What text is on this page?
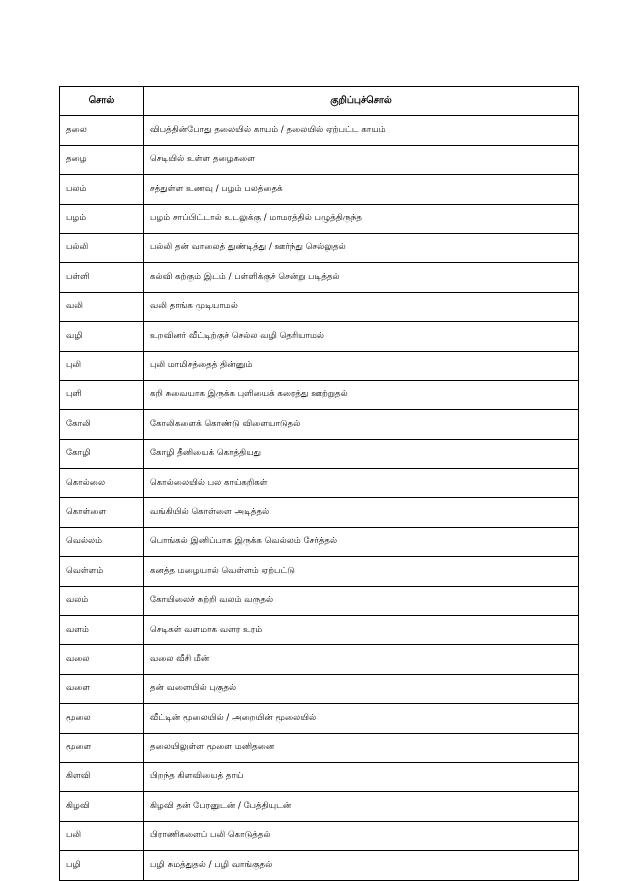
சொல்	குறிப்புச்சொல்
தலை	விபத்தின்போது தலையில் காயம் / தலையில் ஏற்பட்ட காயம்
தழை	செடியில் உள்ள தழைகளை
பலம்	சத்துள்ள உணவு / பழம் பலத்தைக்
பழம்	பழம் சாப்பிட்டால் உடலுக்கு / மாமரத்தில் பழுத்திருந்த
பல்லி	பல்லி தன் வாலைத் துண்டித்து / ஊர்ந்து செல்லுதல்
பள்ளி	கல்வி கற்கும் இடம் / பள்ளிக்குச் சென்று படித்தல்
வலி	வலி தாங்க முடியாமல்
வழி	உறவினர் வீட்டிற்குச் செல்ல வழி தெரியாமல்
புலி	புலி மாமிசத்தைத் தின்னும்
புளி	கறி சுவையாக இருக்க புளியைக் கரைத்து ஊற்றுதல்
கோலி	கோலிகளைக் கொண்டு விளையாடுதல்
கோழி	கோழி தீனியைக் கொத்தியது
கொல்லை	கொல்லையில் பல காய்கறிகள்
கொள்ளை	வங்கியில் கொள்ளை அடித்தல்
வெல்லம்	பொங்கல் இனிப்பாக இருக்க வெல்லம் சேர்த்தல்
வெள்ளம்	கனத்த மழையால் வெள்ளம் ஏற்பட்டு
வலம்	கோயிலைச் சுற்றி வலம் வருதல்
வளம்	செடிகள் வளமாக வளர உரம்
வலை	வலை வீசி மீன்
வளை	தன் வளையில் புகுதல்
மூலை	வீட்டின் மூலையில் / அறையின் மூலையில்
மூளை	தலையிலுள்ள மூளை மனிதனை
கிளவி	பிறந்த கிளவியைத் தாய்
கிழவி	கிழவி தன் பேரனுடன் / பேத்தியுடன்
பலி	பிராணிகளைப் பலி கொடுத்தல்
பழி	பழி சுமத்துதல் / பழி வாங்குதல்
